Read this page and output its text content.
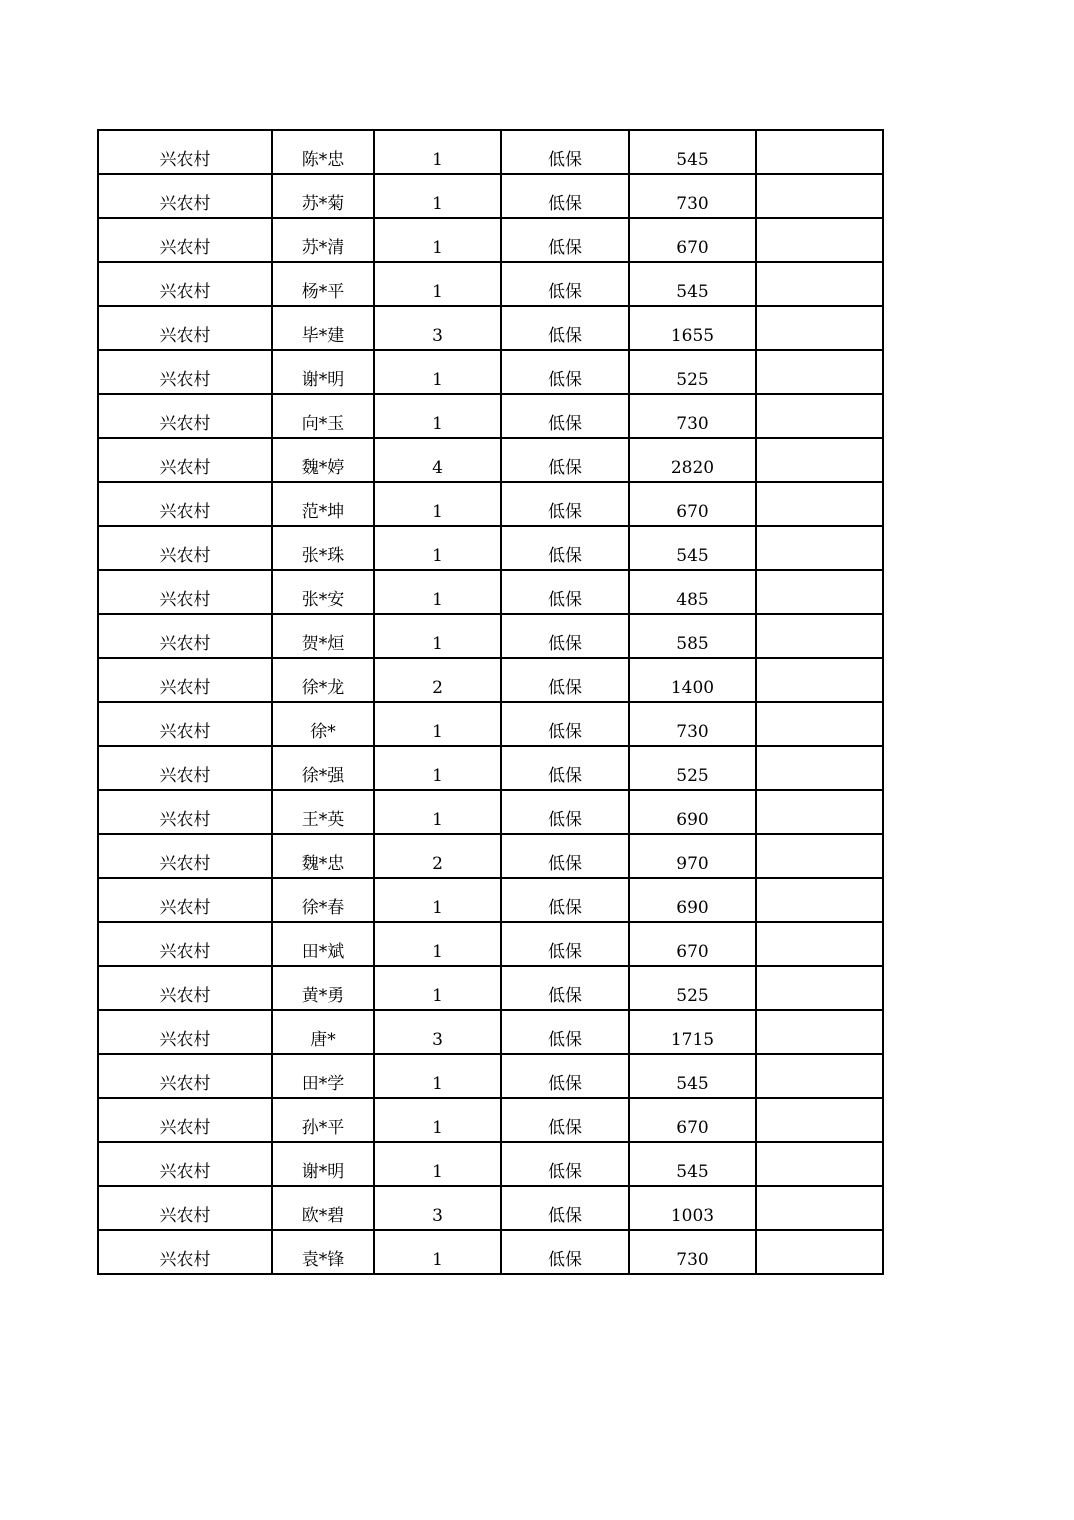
兴农村	陈*忠	1	低保	545	
兴农村	苏*菊	1	低保	730	
兴农村	苏*清	1	低保	670	
兴农村	杨*平	1	低保	545	
兴农村	毕*建	3	低保	1655	
兴农村	谢*明	1	低保	525	
兴农村	向*玉	1	低保	730	
兴农村	魏*婷	4	低保	2820	
兴农村	范*坤	1	低保	670	
兴农村	张*珠	1	低保	545	
兴农村	张*安	1	低保	485	
兴农村	贺*烜	1	低保	585	
兴农村	徐*龙	2	低保	1400	
兴农村	徐*	1	低保	730	
兴农村	徐*强	1	低保	525	
兴农村	王*英	1	低保	690	
兴农村	魏*忠	2	低保	970	
兴农村	徐*春	1	低保	690	
兴农村	田*斌	1	低保	670	
兴农村	黄*勇	1	低保	525	
兴农村	唐*	3	低保	1715	
兴农村	田*学	1	低保	545	
兴农村	孙*平	1	低保	670	
兴农村	谢*明	1	低保	545	
兴农村	欧*碧	3	低保	1003	
兴农村	袁*锋	1	低保	730	
